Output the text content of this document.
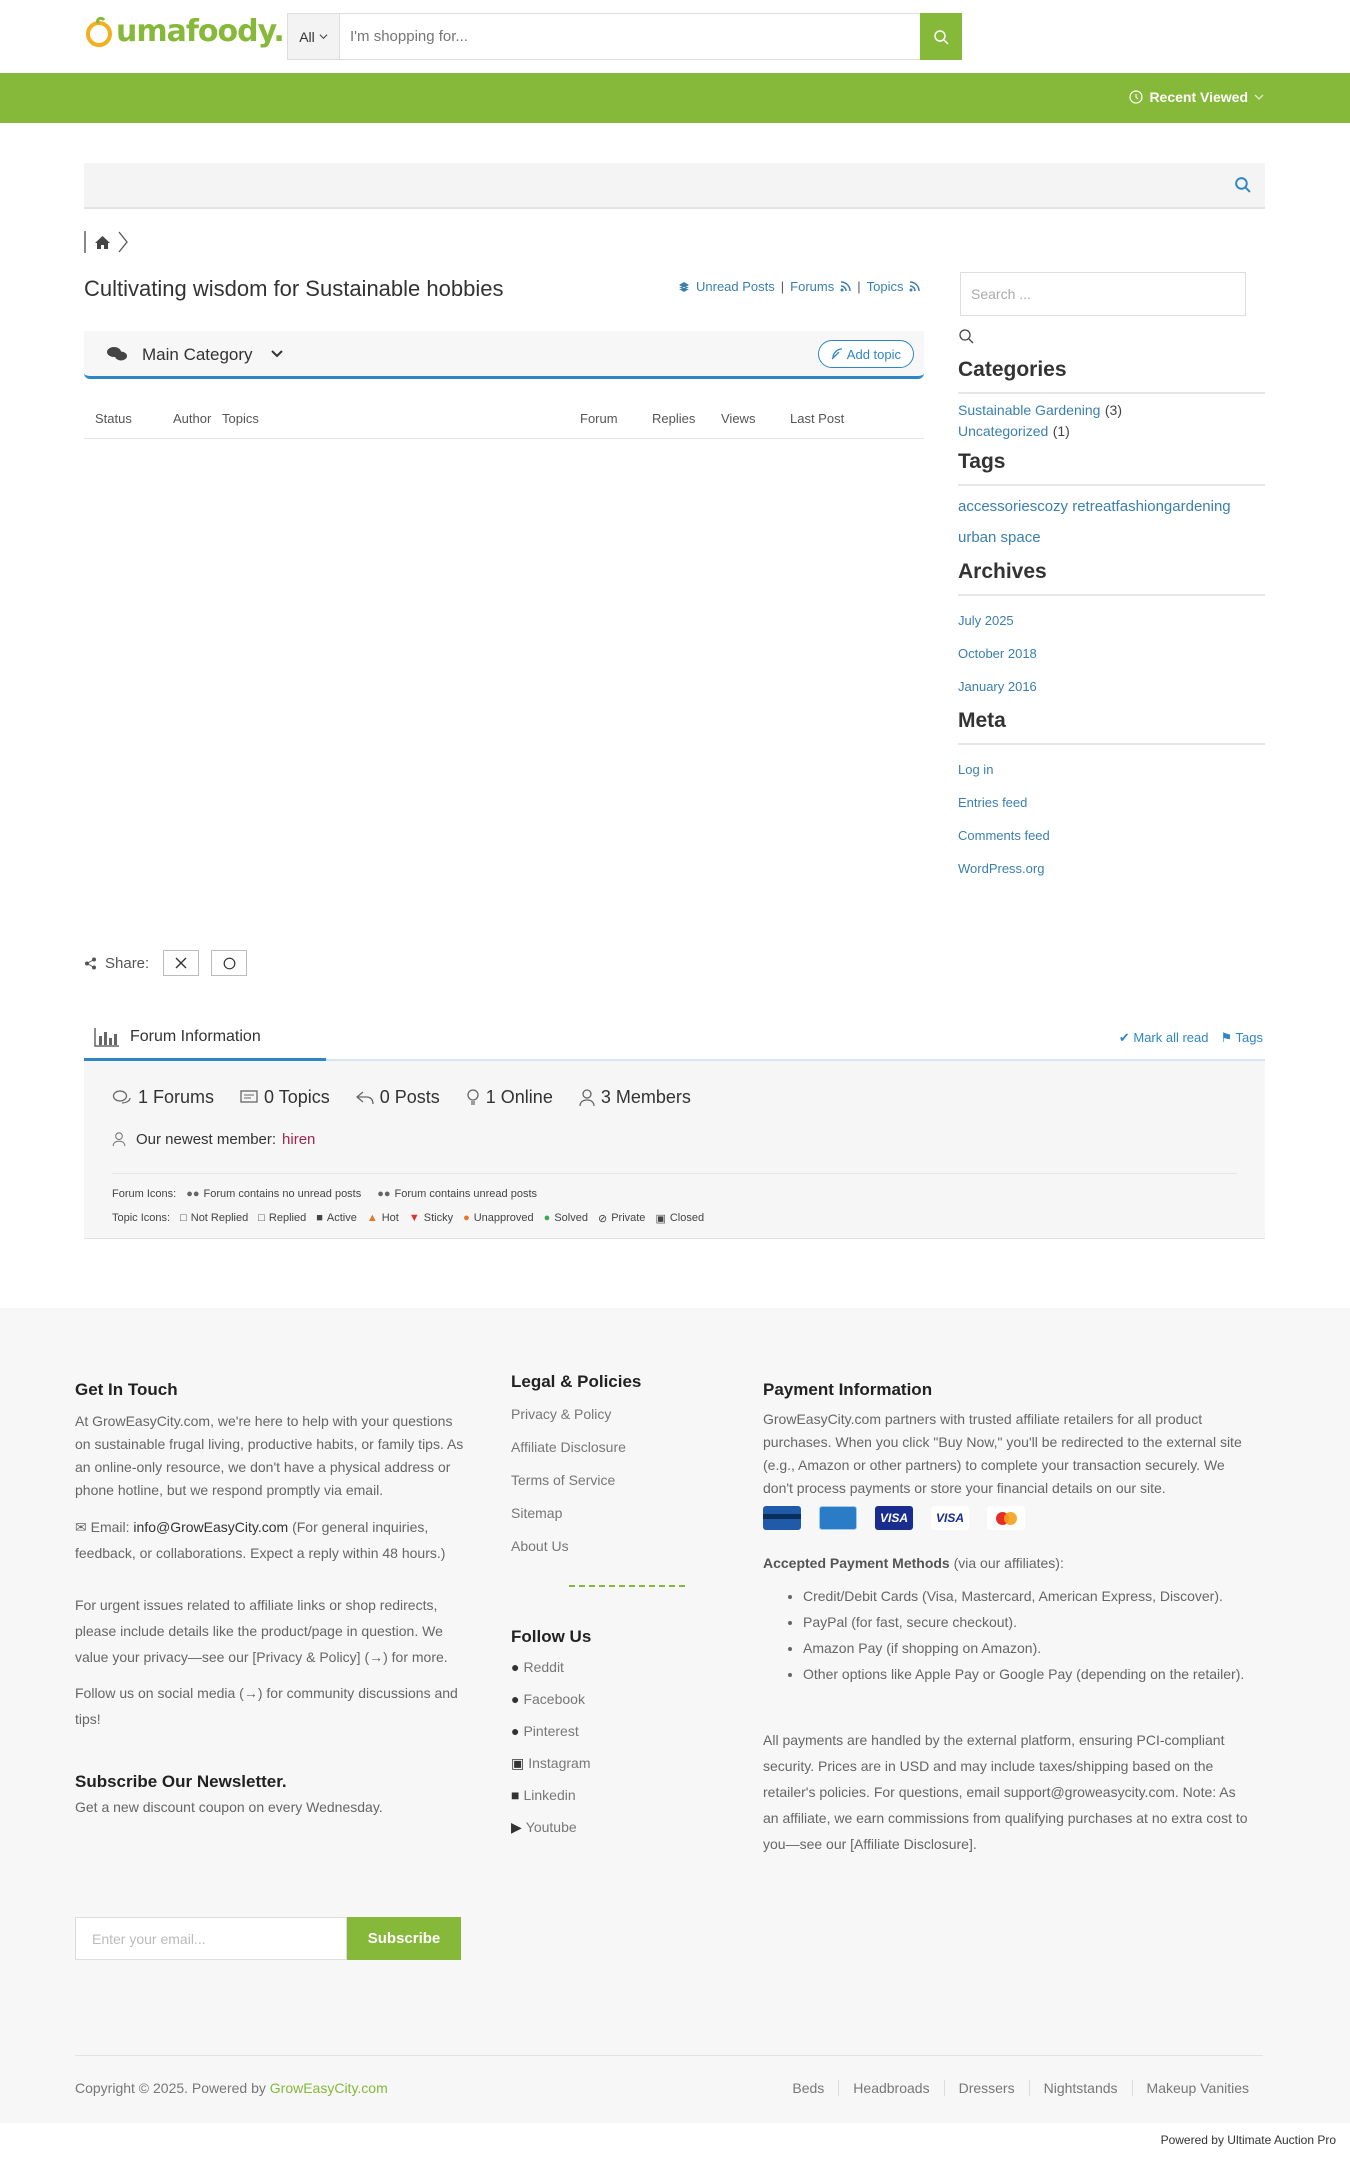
umafoody. All
I'm shopping for...
Recent Viewed
Cultivating wisdom for Sustainable hobbies	Unread Posts | Forums | Topics
Main Category	Add topic
Status	Author Topics	Forum	Replies Views	Last Post
Search ...
Categories
Sustainable Gardening (3)
Uncategorized (1)
Tags
accessoriescozy retreatfashiongardening
urban space
Archives
July 2025
October 2018
January 2016
Meta
Log in
Entries feed
Comments feed
WordPress.org
Share:
Forum Information	✔︎ Mark all read ⚑ Tags
1 Forums	0 Topics	0 Posts	1 Online	3 Members
Our newest member: hiren
Forum Icons: ●● Forum contains no unread posts ●● Forum contains unread posts
Topic Icons: □ Not Replied □ Replied ■ Active ▲ Hot ▼ Sticky ● Unapproved ● Solved ⊘ Private ▣ Closed
Get In Touch
At GrowEasyCity.com, we're here to help with your questions on sustainable frugal living, productive habits, or family tips. As an online-only resource, we don't have a physical address or phone hotline, but we respond promptly via email.
✉ Email: info@GrowEasyCity.com (For general inquiries, feedback, or collaborations. Expect a reply within 48 hours.)
For urgent issues related to affiliate links or shop redirects, please include details like the product/page in question. We value your privacy—see our [Privacy & Policy] (→) for more.
Follow us on social media (→) for community discussions and tips!
Subscribe Our Newsletter.
Get a new discount coupon on every Wednesday.
Enter your email...	Subscribe
Legal & Policies
Privacy & Policy
Affiliate Disclosure
Terms of Service
Sitemap
About Us
Follow Us
● Reddit
● Facebook
● Pinterest
▣ Instagram
■ Linkedin
▶ Youtube
Payment Information
GrowEasyCity.com partners with trusted affiliate retailers for all product purchases. When you click "Buy Now," you'll be redirected to the external site (e.g., Amazon or other partners) to complete your transaction securely. We don't process payments or store your financial details on our site.
VISA	VISA
Accepted Payment Methods (via our affiliates):
• Credit/Debit Cards (Visa, Mastercard, American Express, Discover).
• PayPal (for fast, secure checkout).
• Amazon Pay (if shopping on Amazon).
• Other options like Apple Pay or Google Pay (depending on the retailer).
All payments are handled by the external platform, ensuring PCI-compliant security. Prices are in USD and may include taxes/shipping based on the retailer's policies. For questions, email support@groweasycity.com. Note: As an affiliate, we earn commissions from qualifying purchases at no extra cost to you—see our [Affiliate Disclosure].
Copyright © 2025. Powered by GrowEasyCity.com	Beds	Headbroads	Dressers	Nightstands	Makeup Vanities
Powered by Ultimate Auction Pro
